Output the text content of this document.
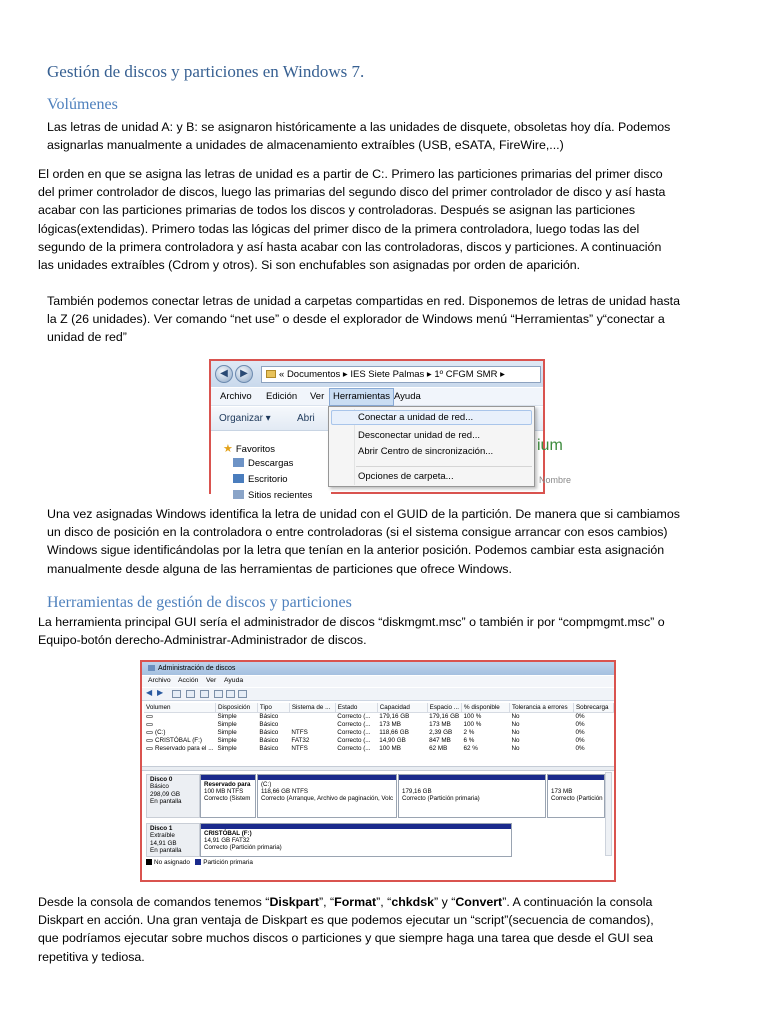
Gestión de discos y particiones en Windows 7.
Volúmenes
Las letras de unidad A: y B: se asignaron históricamente a las unidades de disquete, obsoletas hoy día. Podemos
asignarlas manualmente a unidades de almacenamiento extraíbles (USB, eSATA, FireWire,...)
El orden en que se asigna las letras de unidad es a partir de C:. Primero las particiones primarias del primer disco
del primer controlador de discos, luego las primarias del segundo disco del primer controlador de disco y así hasta
acabar con las particiones primarias de todos los discos y controladoras. Después se asignan las particiones
lógicas(extendidas). Primero todas las lógicas del primer disco de la primera controladora, luego todas las del
segundo de la primera controladora y así hasta acabar con las controladoras, discos y particiones. A continuación
las unidades extraíbles (Cdrom y otros). Si son enchufables son asignadas por orden de aparición.
También podemos conectar letras de unidad a carpetas compartidas en red. Disponemos de letras de unidad hasta
la Z (26 unidades). Ver comando “net use” o desde el explorador de Windows menú “Herramientas” y“conectar a
unidad de red”
◀	▶	« Documentos ▸ IES Siete Palmas ▸ 1º CFGM SMR ▸
Archivo	Edición	Ver Herramientas Ayuda
Organizar ▾	Abri
★ Favoritos
Descargas
Escritorio
Sitios recientes
ium
Nombre
Conectar a unidad de red...
Desconectar unidad de red...
Abrir Centro de sincronización...
Opciones de carpeta...
Una vez asignadas Windows identifica la letra de unidad con el GUID de la partición. De manera que si cambiamos
un disco de posición en la controladora o entre controladoras (si el sistema consigue arrancar con esos cambios)
Windows sigue identificándolas por la letra que tenían en la anterior posición. Podemos cambiar esta asignación
manualmente desde alguna de las herramientas de particiones que ofrece Windows.
Herramientas de gestión de discos y particiones
La herramienta principal GUI sería el administrador de discos “diskmgmt.msc” o también ir por “compmgmt.msc” o
Equipo-botón derecho-Administrar-Administrador de discos.
Administración de discos
Archivo Acción Ver Ayuda
◀ ▶
Volumen	Disposición	Tipo	Sistema de ...	Estado	Capacidad	Espacio ...	% disponible	Tolerancia a errores	Sobrecarga
	Simple	Básico		Correcto (...	179,16 GB	179,16 GB	100 %	No	0%
	Simple	Básico		Correcto (...	173 MB	173 MB	100 %	No	0%
(C:)	Simple	Básico	NTFS	Correcto (...	118,66 GB	2,39 GB	2 %	No	0%
CRISTÓBAL (F:)	Simple	Básico	FAT32	Correcto (...	14,90 GB	847 MB	6 %	No	0%
Reservado para el ...	Simple	Básico	NTFS	Correcto (...	100 MB	62 MB	62 %	No	0%
Disco 0
Básico
298,09 GB
En pantalla
Reservado para
100 MB NTFS
Correcto (Sistem
(C:)
118,66 GB NTFS
Correcto (Arranque, Archivo de paginación, Volc

179,16 GB
Correcto (Partición primaria)

173 MB
Correcto (Partición
Disco 1
Extraíble
14,91 GB
En pantalla
CRISTÓBAL (F:)
14,91 GB FAT32
Correcto (Partición primaria)
No asignado Partición primaria
Desde la consola de comandos tenemos “Diskpart”, “Format”, “chkdsk” y “Convert”. A continuación la consola
Diskpart en acción. Una gran ventaja de Diskpart es que podemos ejecutar un “script”(secuencia de comandos),
que podríamos ejecutar sobre muchos discos o particiones y que siempre haga una tarea que desde el GUI sea
repetitiva y tediosa.
